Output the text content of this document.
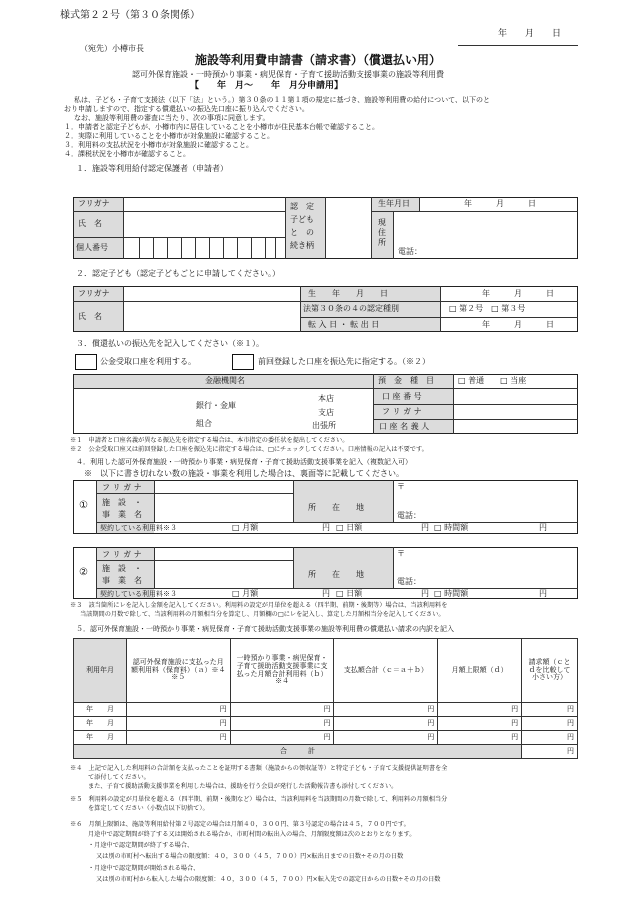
様式第２２号（第３０条関係）
年　　月　　日
（宛先）小樽市長
施設等利用費申請書（請求書）（償還払い用）
認可外保育施設・一時預かり事業・病児保育・子育て援助活動支援事業の施設等利用費
【　　年　月～　　年　月分申請用】
私は、子ども・子育て支援法（以下「法」という。）第３０条の１１第１項の規定に基づき、施設等利用費の給付について、以下のと
おり申請しますので、指定する償還払いの振込先口座に振り込んでください。
なお、施設等利用費の審査に当たり、次の事項に同意します。
１．申請者と認定子どもが、小樽市内に居住していることを小樽市が住民基本台帳で確認すること。
２．実際に利用していることを小樽市が対象施設に確認すること。
３．利用料の支払状況を小樽市が対象施設に確認すること。
４．課税状況を小樽市が確認すること。
１．施設等利用給付認定保護者（申請者）
フリガナ
氏　名
個人番号
認　定
子ども
と　の
続き柄
生年月日	年　　　月　　　日
現
住
所
電話：
２．認定子ども（認定子どもごとに申請してください。）
フリガナ
氏　名
生　　年　　月　　日	年　　　月　　　日
法第３０条の４の認定種別	□ 第２号　□ 第３号
転 入 日 ・ 転 出 日	年　　　月　　　日
３．償還払いの振込先を記入してください（※１）。
公金受取口座を利用する。	前回登録した口座を振込先に指定する。（※２）
金融機関名
銀行・金庫
組合
本店
支店
出張所
預　金　種　目	□ 普通　　□ 当座
口 座 番 号
フ リ ガ ナ
口 座 名 義 人
※１　申請者と口座名義が異なる振込先を指定する場合は、本市指定の委任状を提出してください。
※２　公金受取口座又は前回登録した口座を振込先に指定する場合は、□にチェックしてください。口座情報の記入は不要です。
４．利用した認可外保育施設・一時預かり事業・病児保育・子育て援助活動支援事業を記入（複数記入可）
※　以下に書き切れない数の施設・事業を利用した場合は、裏面等に記載してください。
①
フ リ ガ ナ
施　設　・
事　業　名
所　　在　　地
〒
電話：
契約している利用料※３	□ 月額	円 □ 日額	円 □ 時間額	円
②
フ リ ガ ナ
施　設　・
事　業　名
所　　在　　地
〒
電話：
契約している利用料※３	□ 月額	円 □ 日額	円 □ 時間額	円
※３　該当箇所にレを記入し金額を記入してください。利用料の設定が月単位を超える（四半期、前期・後期等）場合は、当該利用料を
当該期間の月数で除して、当該利用料の月額相当分を算定し、月額欄の□にレを記入し、算定した月額相当分を記入してください。
５．認可外保育施設・一時預かり事業・病児保育・子育て援助活動支援事業の施設等利用費の償還払い請求の内訳を記入
利用年月	認可外保育施設に支払った月額利用料（保育料）（ａ）※４ ※５	一時預かり事業・病児保育・子育て援助活動支援事業に支払った月額合計利用料（ｂ）※４	支払額合計（ｃ＝ａ＋ｂ）	月額上限額（ｄ）	請求額（ｃとｄを比較して小さい方）
年　　月	円	円	円	円	円
年　　月	円	円	円	円	円
年　　月	円	円	円	円	円
合　　　計					円
※４　上記で記入した利用料の合計額を支払ったことを証明する書類（施設からの領収証等）と特定子ども・子育て支援提供証明書を全
て添付してください。
また、子育て援助活動支援事業を利用した場合は、援助を行う会員が発行した活動報告書も添付してください。
※５　利用料の設定が月単位を超える（四半期、前期・後期など）場合は、当該利用料を当該期間の月数で除して、利用料の月額相当分
を算定してください（小数点以下切捨て）。
※６　月額上限額は、施設等利用給付第２号認定の場合は月額４０，３００円、第３号認定の場合は４５，７００円です。
月途中で認定期間が終了する又は開始される場合か、市町村間の転出入の場合、月額限度額は次のとおりとなります。
・月途中で認定期間が終了する場合、
又は別の市町村へ転出する場合の限度額：４０，３００（４５，７００）円×転出日までの日数÷その月の日数
・月途中で認定期間が開始される場合、
又は別の市町村から転入した場合の限度額：４０，３００（４５，７００）円×転入先での認定日からの日数÷その月の日数
